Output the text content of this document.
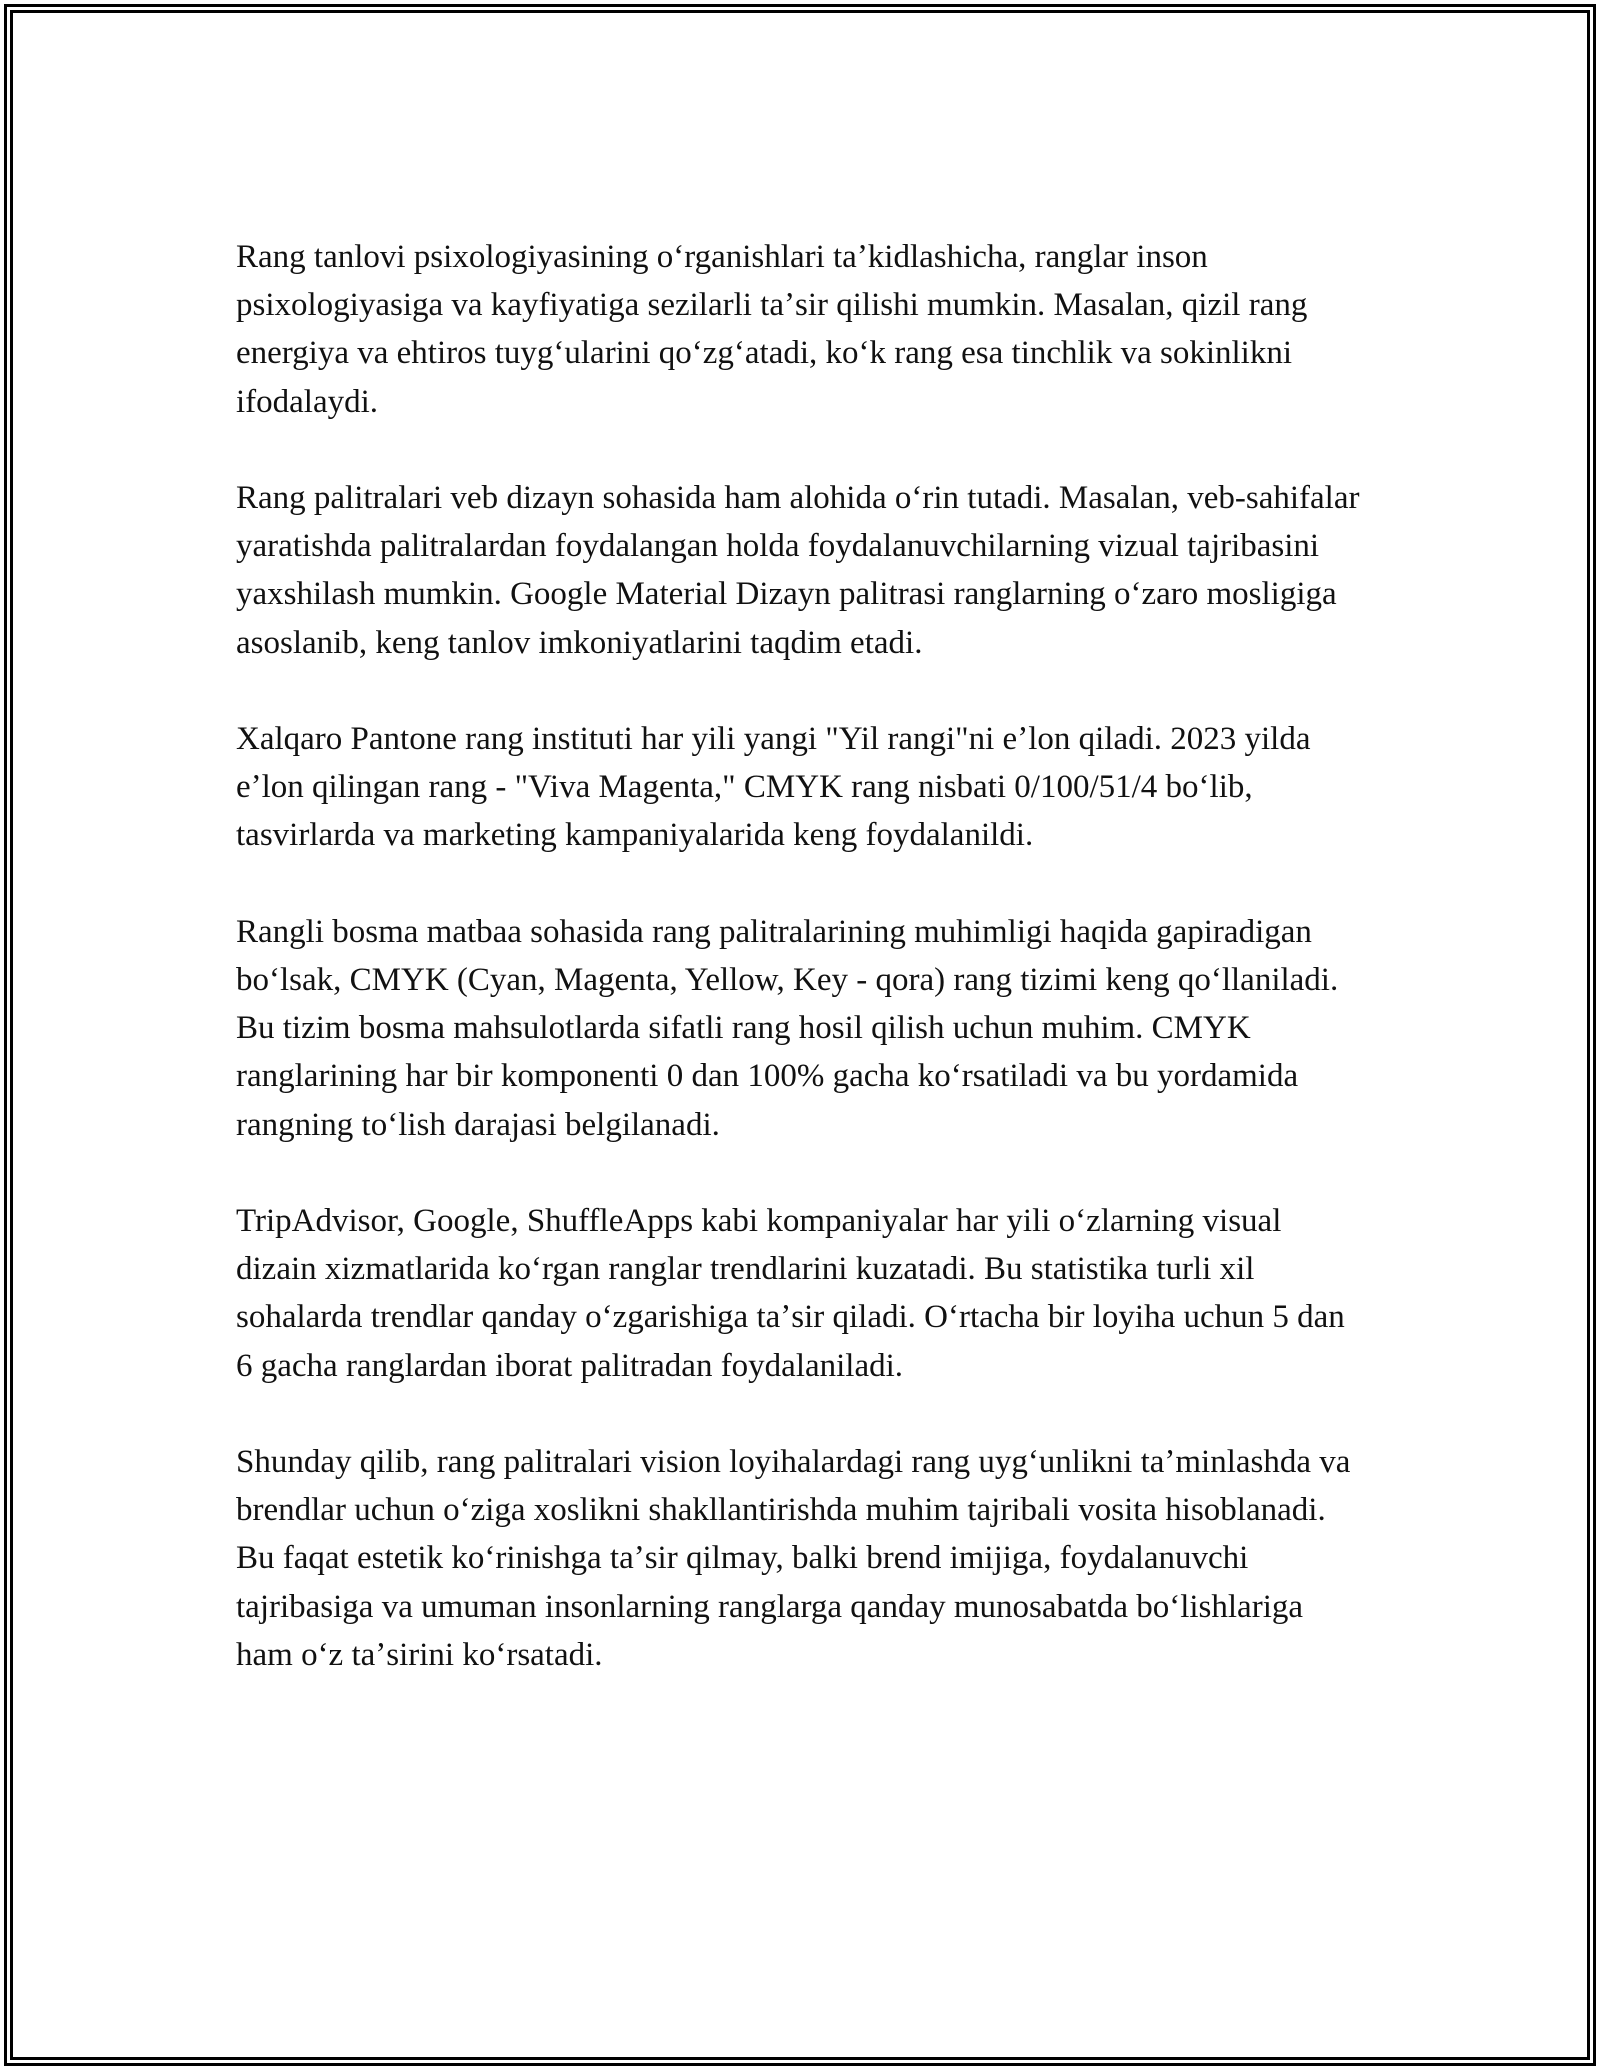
Rang tanlovi psixologiyasining oʻrganishlari taʼkidlashicha, ranglar inson psixologiyasiga va kayfiyatiga sezilarli taʼsir qilishi mumkin. Masalan, qizil rang energiya va ehtiros tuygʻularini qoʻzgʻatadi, koʻk rang esa tinchlik va sokinlikni ifodalaydi.

Rang palitralari veb dizayn sohasida ham alohida oʻrin tutadi. Masalan, veb-sahifalar yaratishda palitralardan foydalangan holda foydalanuvchilarning vizual tajribasini yaxshilash mumkin. Google Material Dizayn palitrasi ranglarning oʻzaro mosligiga asoslanib, keng tanlov imkoniyatlarini taqdim etadi.

Xalqaro Pantone rang instituti har yili yangi "Yil rangi"ni eʼlon qiladi. 2023 yilda eʼlon qilingan rang - "Viva Magenta," CMYK rang nisbati 0/100/51/4 boʻlib, tasvirlarda va marketing kampaniyalarida keng foydalanildi.

Rangli bosma matbaa sohasida rang palitralarining muhimligi haqida gapiradigan boʻlsak, CMYK (Cyan, Magenta, Yellow, Key - qora) rang tizimi keng qoʻllaniladi. Bu tizim bosma mahsulotlarda sifatli rang hosil qilish uchun muhim. CMYK ranglarining har bir komponenti 0 dan 100% gacha koʻrsatiladi va bu yordamida rangning toʻlish darajasi belgilanadi.

TripAdvisor, Google, ShuffleApps kabi kompaniyalar har yili oʻzlarning visual dizain xizmatlarida koʻrgan ranglar trendlarini kuzatadi. Bu statistika turli xil sohalarda trendlar qanday oʻzgarishiga taʼsir qiladi. Oʻrtacha bir loyiha uchun 5 dan 6 gacha ranglardan iborat palitradan foydalaniladi.

Shunday qilib, rang palitralari vision loyihalardagi rang uygʻunlikni taʼminlashda va brendlar uchun oʻziga xoslikni shakllantirishda muhim tajribali vosita hisoblanadi. Bu faqat estetik koʻrinishga taʼsir qilmay, balki brend imijiga, foydalanuvchi tajribasiga va umuman insonlarning ranglarga qanday munosabatda boʻlishlariga ham oʻz taʼsirini koʻrsatadi.
